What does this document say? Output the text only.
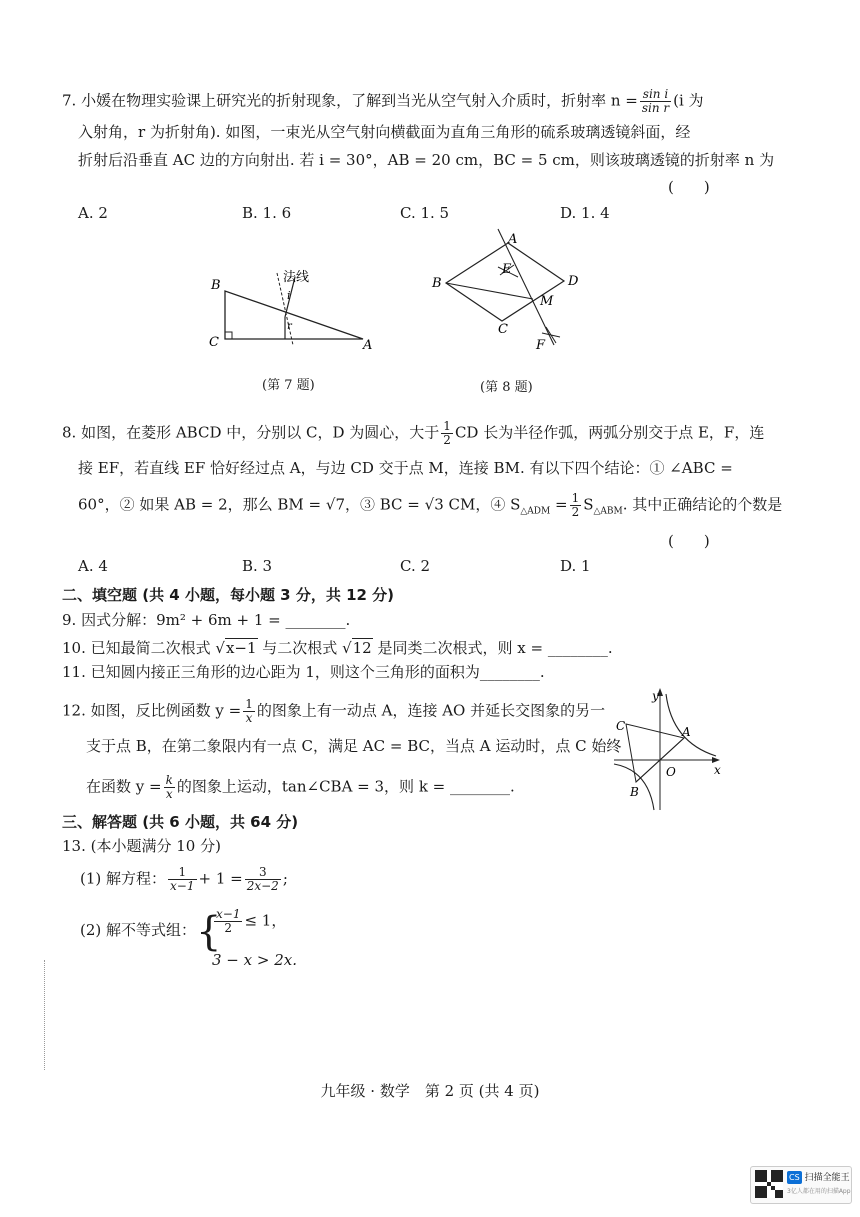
7. 小媛在物理实验课上研究光的折射现象，了解到当光从空气射入介质时，折射率 $n = \frac{\text{sin i}}{\text{sin r}} (i$ 为
入射角，r 为折射角). 如图，一束光从空气射向横截面为直角三角形的硫系玻璃透镜斜面，经
折射后沿垂直 AC 边的方向射出. 若 i = 30°，AB = 20 cm，BC = 5 cm，则该玻璃透镜的折射率 n 为
(　　)
A. 2	B. 1. 6	C. 1. 5	D. 1. 4
B
C	A
法线
i
r
(第 7 题)
A
B
C
D
E
M
F
(第 8 题)
8. 如图，在菱形 ABCD 中，分别以 C，D 为圆心，大于 $\frac{1}{2}$ CD 长为半径作弧，两弧分别交于点 E，F，连
接 EF，若直线 EF 恰好经过点 A，与边 CD 交于点 M，连接 BM. 有以下四个结论：① ∠ABC =
60°，② 如果 AB = 2，那么 BM = √7，③ BC = √3 CM，④ $S_{\triangle ADM} = \frac{1}{2} S_{\triangle ABM}$. 其中正确结论的个数是
(　　)
A. 4	B. 3	C. 2	D. 1
二、填空题 (共 4 小题，每小题 3 分，共 12 分)
9. 因式分解：9m² + 6m + 1 = ________.
10. 已知最简二次根式 √x−1 与二次根式 √12 是同类二次根式，则 x = ________.
11. 已知圆内接正三角形的边心距为 1，则这个三角形的面积为________.
12. 如图，反比例函数 $y = \frac{1}{x}$ 的图象上有一动点 A，连接 AO 并延长交图象的另一
支于点 B，在第二象限内有一点 C，满足 AC = BC，当点 A 运动时，点 C 始终
在函数 $y = \frac{k}{x}$ 的图象上运动，tan∠CBA = 3，则 k = ________.
y
x
O
A
B
C
三、解答题 (共 6 小题，共 64 分)
13. (本小题满分 10 分)
(1) 解方程： $\frac{1}{x-1} + 1 = \frac{3}{2x-2}$ ;
(2) 解不等式组： {
$\frac{x-1}{2} \le 1$，
3 − x > 2x.
九年级 · 数学　第 2 页 (共 4 页)
CS 扫描全能王
3亿人都在用的扫描App
